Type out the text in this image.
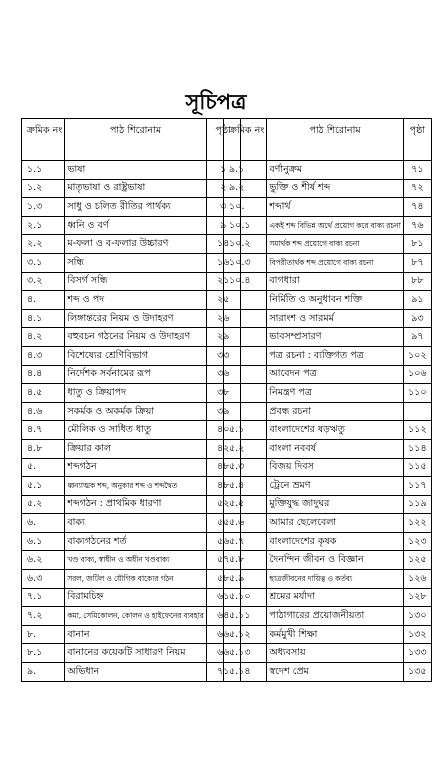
সূচিপত্র
ক্রমিক নং	পাঠ শিরোনাম	পৃষ্ঠা
১.১	ভাষা	১
১.২	মাতৃভাষা ও রাষ্ট্রভাষা	২
১.৩	সাধু ও চলিত রীতির পার্থক্য	৩
২.১	ধ্বনি ও বর্ণ	৯
২.২	ম-ফলা ও ব-ফলার উচ্চারণ	১৪
৩.১	সন্ধি	১৬
৩.২	বিসর্গ সন্ধি	২১
৪.	শব্দ ও পদ	২৫
৪.১	লিঙ্গান্তরের নিয়ম ও উদাহরণ	২৬
৪.২	বহুবচন গঠনের নিয়ম ও উদাহরণ	২৯
৪.৩	বিশেষ্যের শ্রেণিবিভাগ	৩৩
৪.৪	নির্দেশক সর্বনামের রূপ	৩৬
৪.৫	ধাতু ও ক্রিয়াপদ	৩৮
৪.৬	সকর্মক ও অকর্মক ক্রিয়া	৩৯
৪.৭	মৌলিক ও সাধিত ধাতু	৪০
৪.৮	ক্রিয়ার কাল	৪২
৫.	শব্দগঠন	৪৮
৫.১	ধ্বন্যাত্মক শব্দ, অনুকার শব্দ ও শব্দদ্বৈত	৪৮
৫.২	শব্দগঠন : প্রাথমিক ধারণা	৫২
৬.	বাক্য	৫৫
৬.১	বাক্যগঠনের শর্ত	৫৬
৬.২	খণ্ড বাক্য, স্বাধীন ও অধীন খণ্ডবাক্য	৫৭
৬.৩	সরল, জটিল ও যৌগিক বাক্যের গঠন	৫৮
৭.১	বিরামচিহ্ন	৬১
৭.২	কমা, সেমিকোলন, কোলন ও হাইফেনের ব্যবহার	৬৪
৮.	বানান	৬৬
৮.১	বানানের কয়েকটি সাধারণ নিয়ম	৬৬
৯.	অভিধান	৭১
ক্রমিক নং	পাঠ শিরোনাম	পৃষ্ঠা
৯.১	বর্ণানুক্রম	৭১
৯.২	ভুক্তি ও শীর্ষ শব্দ	৭২
১০.	শব্দার্থ	৭৪
১০.১	একই শব্দ বিভিন্ন অর্থে প্রয়োগ করে বাক্য রচনা	৭৬
১০.২	সমার্থক শব্দ প্রয়োগে বাক্য রচনা	৮১
১০.৩	বিপরীতার্থক শব্দ প্রয়োগে বাক্য রচনা	৮৭
১০.৪	বাগধারা	৮৮
	নির্মিতি ও অনুধাবন শক্তি	৯১
	সারাংশ ও সারমর্ম	৯৩
	ভাবসম্প্রসারণ	৯৭
	পত্র রচনা : ব্যক্তিগত পত্র	১০২
	আবেদন পত্র	১০৬
	নিমন্ত্রণ পত্র	১১০
	প্রবন্ধ রচনা	
৫.১	বাংলাদেশের ষড়ঋতু	১১২
৫.২	বাংলা নববর্ষ	১১৪
৫.৩	বিজয় দিবস	১১৫
৫.৪	ট্রেনে ভ্রমণ	১১৭
৫.৫	মুক্তিযুদ্ধ জাদুঘর	১১৯
৫.৬	আমার ছেলেবেলা	১২২
৫.৭	বাংলাদেশের কৃষক	১২৩
৫.৮	দৈনন্দিন জীবন ও বিজ্ঞান	১২৫
৫.৯	ছাত্রজীবনের দায়িত্ব ও কর্তব্য	১২৬
৫.১০	শ্রমের মর্যাদা	১২৮
৫.১১	পাঠাগারের প্রয়োজনীয়তা	১৩০
৫.১২	কর্মমুখী শিক্ষা	১৩২
৫.১৩	অধ্যবসায়	১৩৩
৫.১৪	স্বদেশ প্রেম	১৩৫
